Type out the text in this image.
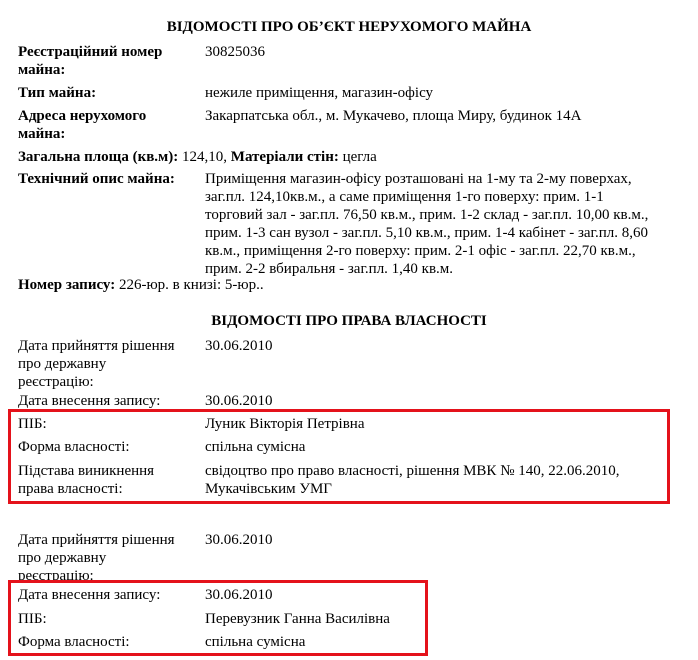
ВІДОМОСТІ ПРО ОБ’ЄКТ НЕРУХОМОГО МАЙНА
Реєстраційний номер
майна:
30825036
Тип майна:	нежиле приміщення, магазин-офісу
Адреса нерухомого
майна:
Закарпатська обл., м. Мукачево, площа Миру, будинок 14А
Загальна площа (кв.м): 124,10, Матеріали стін: цегла
Технічний опис майна: Приміщення магазин-офісу розташовані на 1-му та 2-му поверхах,
заг.пл. 124,10кв.м., а саме приміщення 1-го поверху: прим. 1-1
торговий зал - заг.пл. 76,50 кв.м., прим. 1-2 склад - заг.пл. 10,00 кв.м.,
прим. 1-3 сан вузол - заг.пл. 5,10 кв.м., прим. 1-4 кабінет - заг.пл. 8,60
кв.м., приміщення 2-го поверху: прим. 2-1 офіс - заг.пл. 22,70 кв.м.,
прим. 2-2 вбиральня - заг.пл. 1,40 кв.м.
Номер запису: 226-юр. в книзі: 5-юр..
ВІДОМОСТІ ПРО ПРАВА ВЛАСНОСТІ
Дата прийняття рішення
про державну
реєстрацію:
30.06.2010
Дата внесення запису:	30.06.2010
ПІБ:	Луник Вікторія Петрівна
Форма власності:	спільна сумісна
Підстава виникнення
права власності:
свідоцтво про право власності, рішення МВК № 140, 22.06.2010,
Мукачівським УМГ
Дата прийняття рішення
про державну
реєстрацію:
30.06.2010
Дата внесення запису:	30.06.2010
ПІБ:	Перевузник Ганна Василівна
Форма власності:	спільна сумісна
